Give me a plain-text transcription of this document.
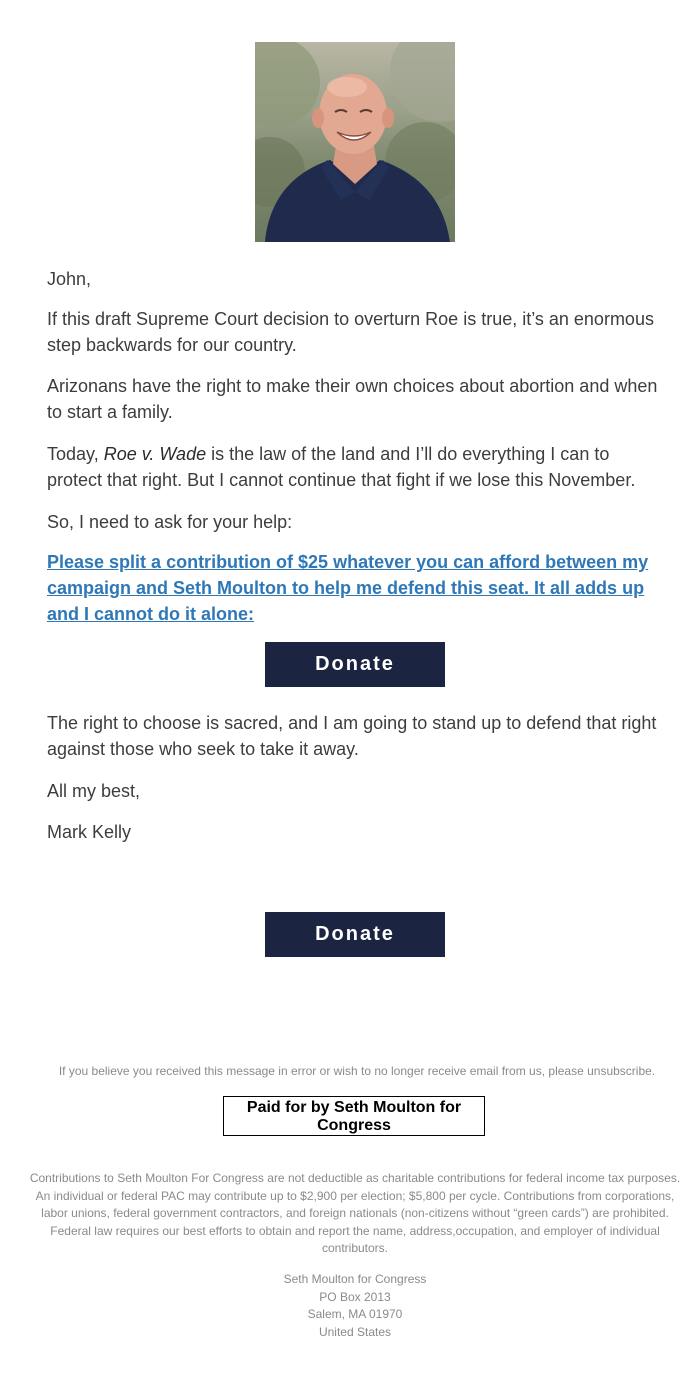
John,

If this draft Supreme Court decision to overturn Roe is true, it’s an enormous step backwards for our country.

Arizonans have the right to make their own choices about abortion and when to start a family.

Today, Roe v. Wade is the law of the land and I’ll do everything I can to protect that right. But I cannot continue that fight if we lose this November.

So, I need to ask for your help:

Please split a contribution of $25 whatever you can afford between my campaign and Seth Moulton to help me defend this seat. It all adds up and I cannot do it alone:
Donate

The right to choose is sacred, and I am going to stand up to defend that right against those who seek to take it away.

All my best,

Mark Kelly

Donate
If you believe you received this message in error or wish to no longer receive email from us, please unsubscribe.
Paid for by Seth Moulton for Congress
Contributions to Seth Moulton For Congress are not deductible as charitable contributions for federal income tax purposes. An individual or federal PAC may contribute up to $2,900 per election; $5,800 per cycle. Contributions from corporations, labor unions, federal government contractors, and foreign nationals (non-citizens without “green cards”) are prohibited. Federal law requires our best efforts to obtain and report the name, address,occupation, and employer of individual contributors.
Seth Moulton for Congress
PO Box 2013
Salem, MA 01970
United States
